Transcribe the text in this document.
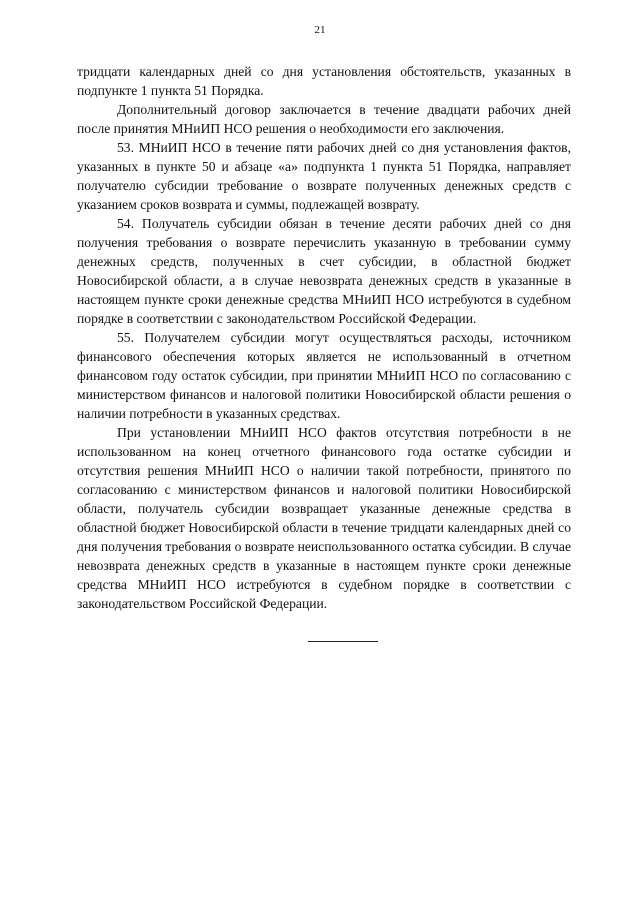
21

тридцати календарных дней со дня установления обстоятельств, указанных в подпункте 1 пункта 51 Порядка.

Дополнительный договор заключается в течение двадцати рабочих дней после принятия МНиИП НСО решения о необходимости его заключения.

53. МНиИП НСО в течение пяти рабочих дней со дня установления фактов, указанных в пункте 50 и абзаце «а» подпункта 1 пункта 51 Порядка, направляет получателю субсидии требование о возврате полученных денежных средств с указанием сроков возврата и суммы, подлежащей возврату.

54. Получатель субсидии обязан в течение десяти рабочих дней со дня получения требования о возврате перечислить указанную в требовании сумму денежных средств, полученных в счет субсидии, в областной бюджет Новосибирской области, а в случае невозврата денежных средств в указанные в настоящем пункте сроки денежные средства МНиИП НСО истребуются в судебном порядке в соответствии с законодательством Российской Федерации.

55. Получателем субсидии могут осуществляться расходы, источником финансового обеспечения которых является не использованный в отчетном финансовом году остаток субсидии, при принятии МНиИП НСО по согласованию с министерством финансов и налоговой политики Новосибирской области решения о наличии потребности в указанных средствах.

При установлении МНиИП НСО фактов отсутствия потребности в не использованном на конец отчетного финансового года остатке субсидии и отсутствия решения МНиИП НСО о наличии такой потребности, принятого по согласованию с министерством финансов и налоговой политики Новосибирской области, получатель субсидии возвращает указанные денежные средства в областной бюджет Новосибирской области в течение тридцати календарных дней со дня получения требования о возврате неиспользованного остатка субсидии. В случае невозврата денежных средств в указанные в настоящем пункте сроки денежные средства МНиИП НСО истребуются в судебном порядке в соответствии с законодательством Российской Федерации.
